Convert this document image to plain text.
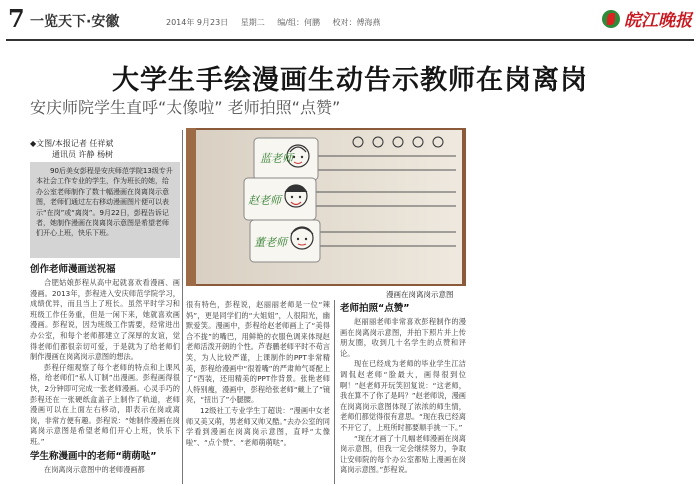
7 一览天下·安徽	2014年 9月23日 星期二 编/组：何鹏 校对：傅海燕	皖江晚报
大学生手绘漫画生动告示教师在岗离岗
安庆师院学生直呼“太像啦” 老师拍照“点赞”
◆文图/本报记者 任祥斌
通讯员 许静 杨树
90后美女彭程是安庆师范学院13级专升本社会工作专业的学生，作为班长的她，给办公室老师制作了数十幅漫画在岗离岗示意图，老师们通过左右移动漫画图片便可以表示“在岗”或“离岗”。9月22日，彭程告诉记者，她制作漫画在岗离岗示意图是希望老师们开心上班，快乐下班。
创作老师漫画送祝福

合肥姑娘彭程从高中起就喜欢看漫画、画漫画。2013年，彭程进入安庆师范学院学习，成绩优异，而且当上了班长。虽然平时学习和班级工作任务重，但是一闲下来，她就喜欢画漫画。彭程说，因为班级工作需要，经常进出办公室，和每个老师都建立了深厚的友谊，觉得老师们都很亲切可爱，于是就为了给老师们制作漫画在岗离岗示意图的想法。

彭程仔细观察了每个老师的特点和上课风格，给老师们“私人订制”出漫画。彭程画得很快，2分钟即可完成一张老师漫画。心灵手巧的彭程还在一张硬纸盒盖子上制作了轨道，老师漫画可以在上面左右移动，即表示在岗或离岗，非常方便有趣。彭程说：“她制作漫画在岗离岗示意图是希望老师们开心上班，快乐下班。”

学生称漫画中的老师“萌萌哒”

在岗离岗示意图中的老师漫画都

蓝老师
赵老师
董老师
漫画在岗离岗示意图

很有特色，彭程说，赵丽丽老师是一位“辣妈”，更是同学们的“大姐姐”，人很阳光，幽默爱笑。漫画中，彭程给赵老师画上了“美得合不拢”的嘴巴，用鲜艳的衣服色调来体现赵老师活泼开朗的个性。芦春鹏老师平时不苟言笑，为人比较严谨，上课制作的PPT非常精美，彭程给漫画中“很着嘴”的严肃帅气哥配上了“西装，还用精美的PPT作背景。张艳老师人特别瘦，漫画中，彭程给张老师“戴上了”镜亮，“扭出了”小腿腰。

12级社工专业学生丁超说：“漫画中女老师又美又萌，男老师又帅又酷。”去办公室的同学看到漫画在岗离岗示意图，直呼“太像啦”、“点个赞”、“老师萌萌哒”。

老师拍照“点赞”

赵丽丽老师非常喜欢彭程制作的漫画在岗离岗示意图，并拍下照片并上传朋友圈，收到几十名学生的点赞和评论。

现在已经成为老师的毕业学生江洁调侃赵老师“脸最大，画得很到位啊！”赵老师开玩笑回复说：“这老师，我在算不了你了是吗？”赵老师说，漫画在岗离岗示意图体现了浓浓的师生情，老师们都觉得很有意思。“现在我已经离不开它了，上班所时都要顺手挑一下。”

“现在才画了十几幅老师漫画在岗离岗示意图，但我一定会继续努力，争取让安师院的每个办公室都贴上漫画在岗离岗示意图。”彭程说。
